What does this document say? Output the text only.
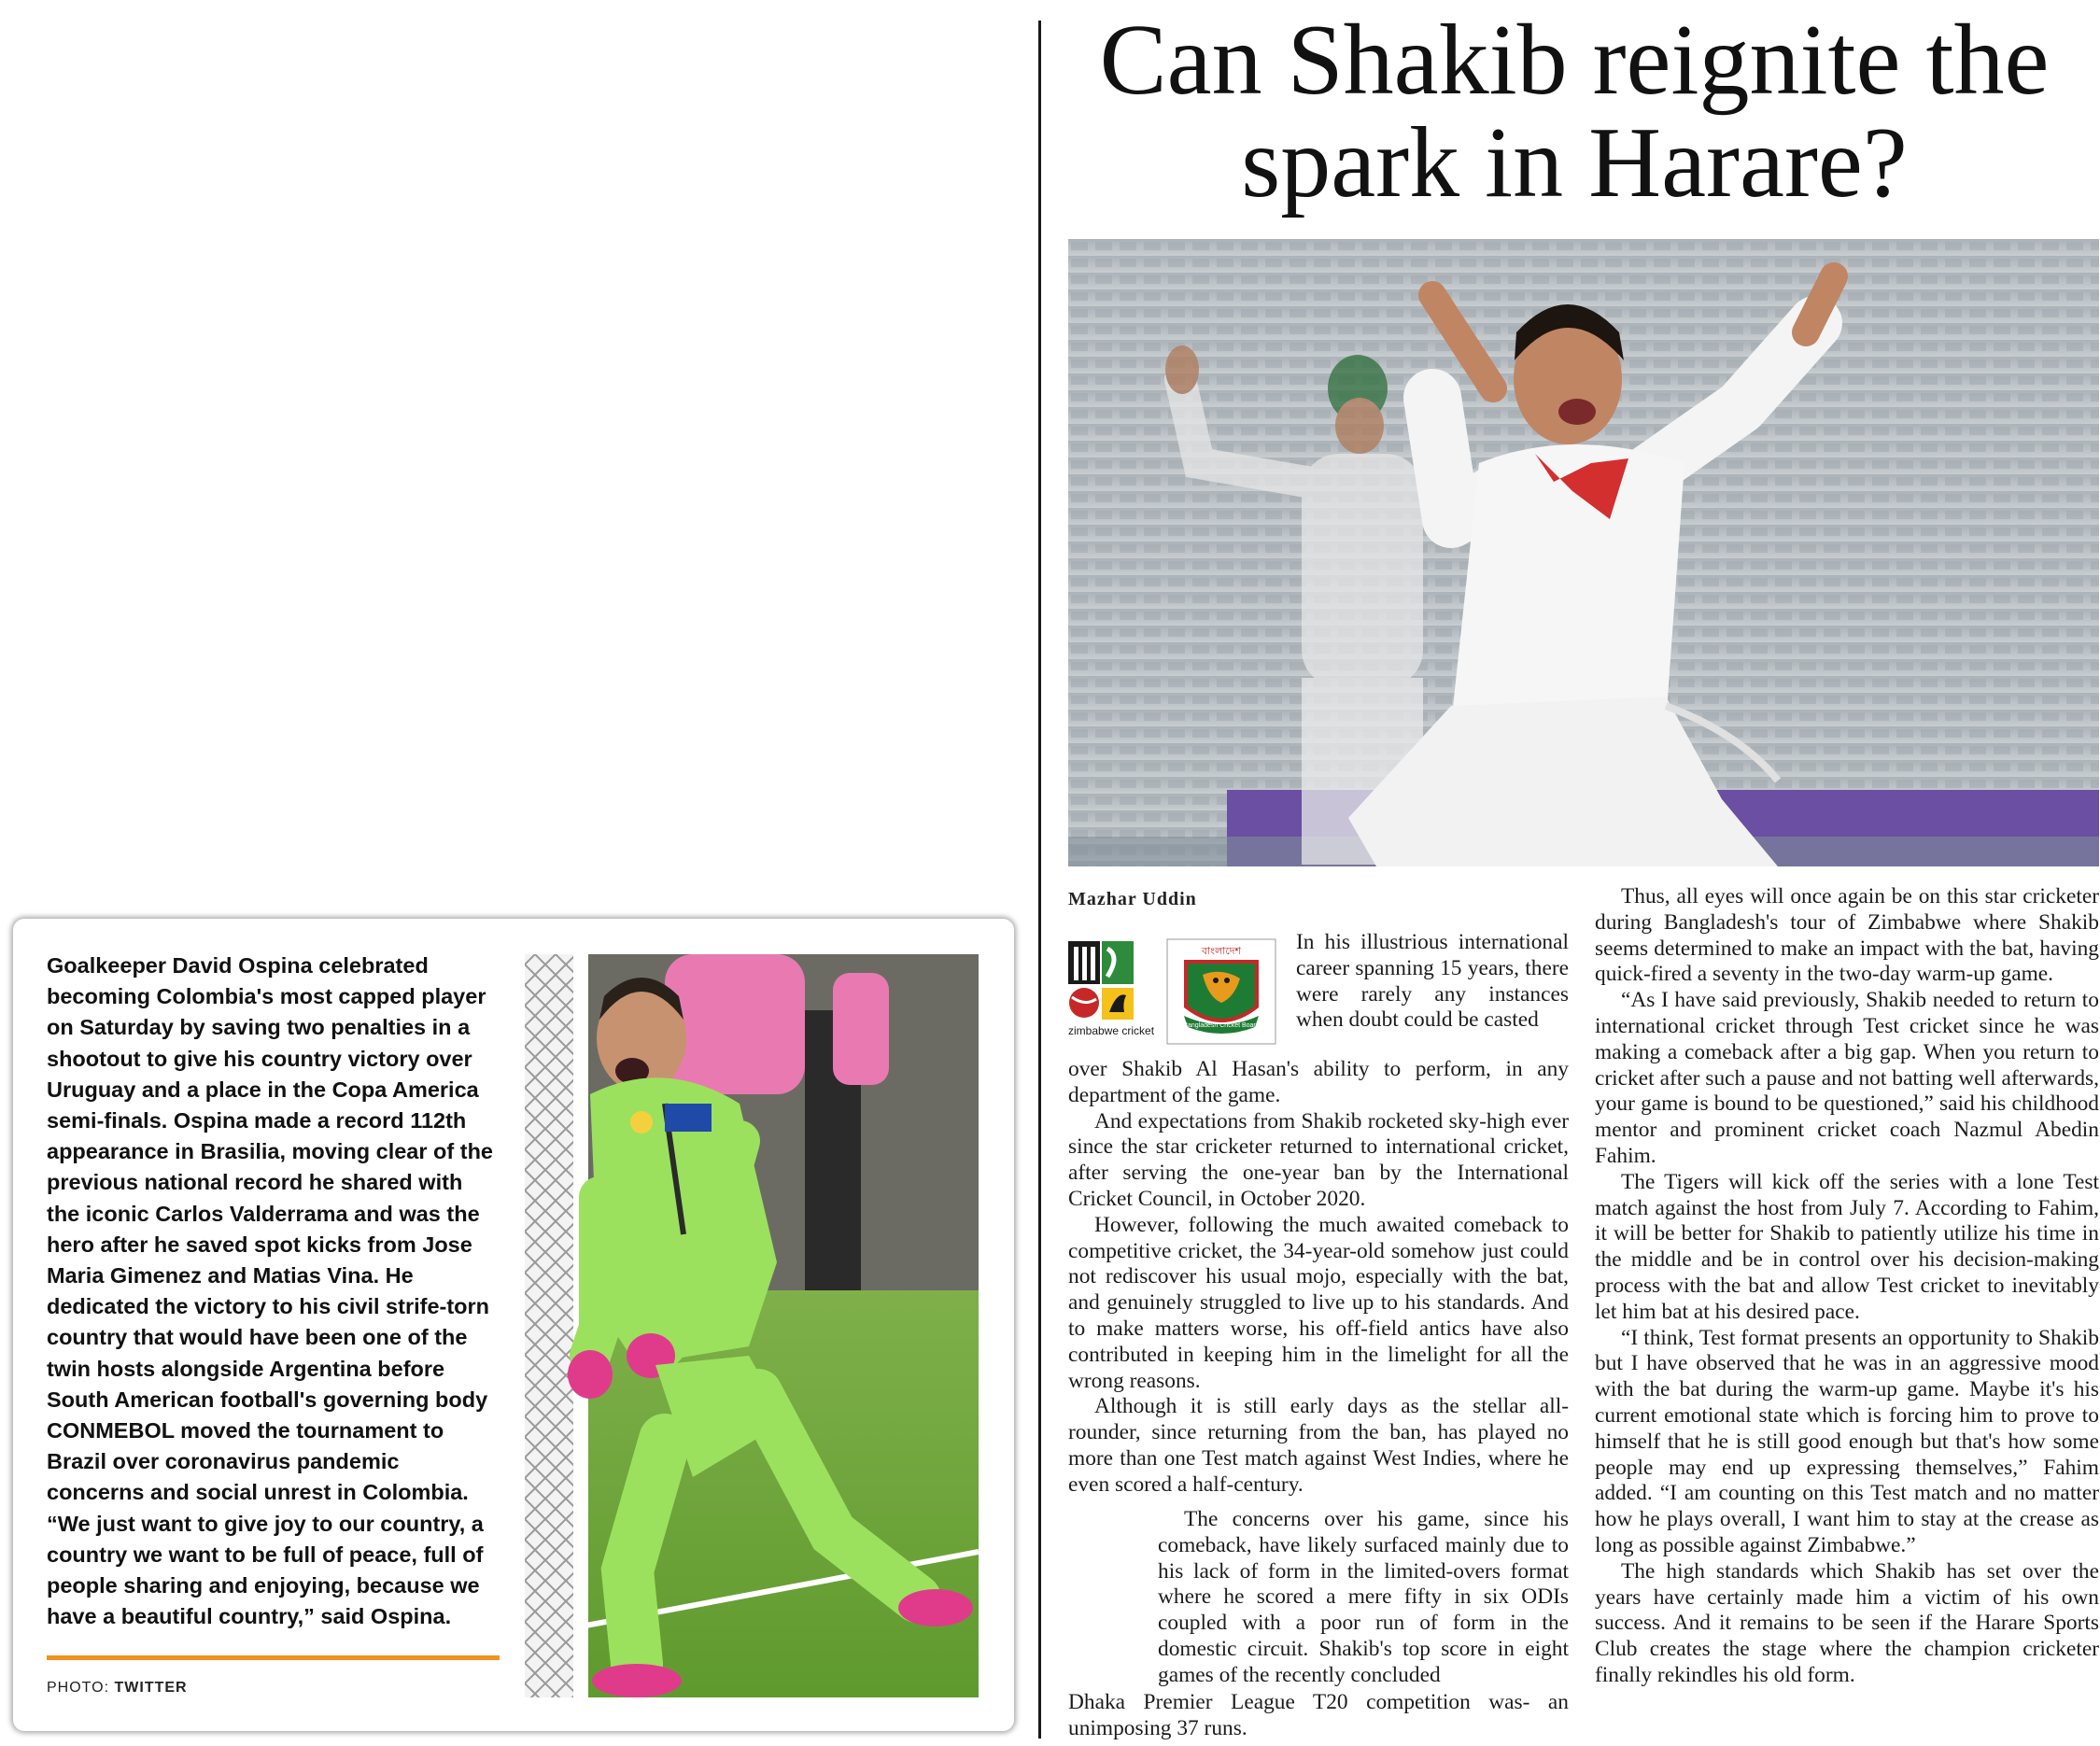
Can Shakib reignite the
spark in Harare?
Mazhar Uddin
zimbabwe cricket
বাংলাদেশ
Bangladesh Cricket Board

In his illustrious international career spanning 15 years, there were rarely any instances when doubt could be casted

over Shakib Al Hasan's ability to perform, in any department of the game.

And expectations from Shakib rocketed sky-high ever since the star cricketer returned to international cricket, after serving the one-year ban by the International Cricket Council, in October 2020.

However, following the much awaited comeback to competitive cricket, the 34-year-old somehow just could not rediscover his usual mojo, especially with the bat, and genuinely struggled to live up to his standards. And to make matters worse, his off-field antics have also contributed in keeping him in the limelight for all the wrong reasons.

Although it is still early days as the stellar all-rounder, since returning from the ban, has played no more than one Test match against West Indies, where he even scored a half-century.

The concerns over his game, since his comeback, have likely surfaced mainly due to his lack of form in the limited-overs format where he scored a mere fifty in six ODIs coupled with a poor run of form in the domestic circuit. Shakib's top score in eight games of the recently concluded

Dhaka Premier League T20 competition was- an unimposing 37 runs.

Thus, all eyes will once again be on this star cricketer during Bangladesh's tour of Zimbabwe where Shakib seems determined to make an impact with the bat, having quick-fired a seventy in the two-day warm-up game.

“As I have said previously, Shakib needed to return to international cricket through Test cricket since he was making a comeback after a big gap. When you return to cricket after such a pause and not batting well afterwards, your game is bound to be questioned,” said his childhood mentor and prominent cricket coach Nazmul Abedin Fahim.

The Tigers will kick off the series with a lone Test match against the host from July 7. According to Fahim, it will be better for Shakib to patiently utilize his time in the middle and be in control over his decision-making process with the bat and allow Test cricket to inevitably let him bat at his desired pace.

“I think, Test format presents an opportunity to Shakib but I have observed that he was in an aggressive mood with the bat during the warm-up game. Maybe it's his current emotional state which is forcing him to prove to himself that he is still good enough but that's how some people may end up expressing themselves,” Fahim added. “I am counting on this Test match and no matter how he plays overall, I want him to stay at the crease as long as possible against Zimbabwe.”

The high standards which Shakib has set over the years have certainly made him a victim of his own success. And it remains to be seen if the Harare Sports Club creates the stage where the champion cricketer finally rekindles his old form.

Goalkeeper David Ospina celebrated becoming Colombia's most capped player on Saturday by saving two penalties in a shootout to give his country victory over Uruguay and a place in the Copa America semi-finals. Ospina made a record 112th appearance in Brasilia, moving clear of the previous national record he shared with the iconic Carlos Valderrama and was the hero after he saved spot kicks from Jose Maria Gimenez and Matias Vina. He dedicated the victory to his civil strife-torn country that would have been one of the twin hosts alongside Argentina before South American football's governing body CONMEBOL moved the tournament to Brazil over coronavirus pandemic concerns and social unrest in Colombia. “We just want to give joy to our country, a country we want to be full of peace, full of people sharing and enjoying, because we have a beautiful country,” said Ospina.

PHOTO: TWITTER
